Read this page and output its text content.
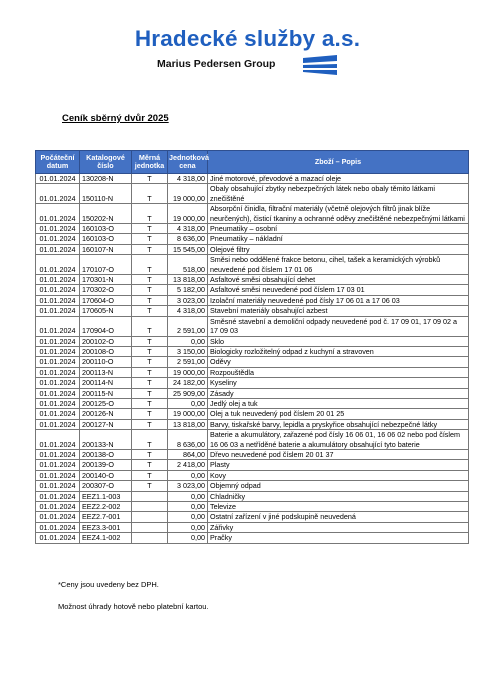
Hradecké služby a.s.
Marius Pedersen Group
Ceník sběrný dvůr 2025
Počáteční datum	Katalogové číslo	Měrná jednotka	Jednotková cena	Zboží – Popis
01.01.2024	130208-N	T	4 318,00	Jiné motorové, převodové a mazací oleje
01.01.2024	150110-N	T	19 000,00	Obaly obsahující zbytky nebezpečných látek nebo obaly těmito látkami znečištěné
01.01.2024	150202-N	T	19 000,00	Absorpční činidla, filtrační materiály (včetně olejových filtrů jinak blíže neurčených), čisticí tkaniny a ochranné oděvy znečištěné nebezpečnými látkami
01.01.2024	160103-O	T	4 318,00	Pneumatiky – osobní
01.01.2024	160103-O	T	8 636,00	Pneumatiky – nákladní
01.01.2024	160107-N	T	15 545,00	Olejové filtry
01.01.2024	170107-O	T	518,00	Směsi nebo oddělené frakce betonu, cihel, tašek a keramických výrobků neuvedené pod číslem 17 01 06
01.01.2024	170301-N	T	13 818,00	Asfaltové směsi obsahující dehet
01.01.2024	170302-O	T	5 182,00	Asfaltové směsi neuvedené pod číslem 17 03 01
01.01.2024	170604-O	T	3 023,00	Izolační materiály neuvedené pod čísly 17 06 01 a 17 06 03
01.01.2024	170605-N	T	4 318,00	Stavební materiály obsahující azbest
01.01.2024	170904-O	T	2 591,00	Směsné stavební a demoliční odpady neuvedené pod č. 17 09 01, 17 09 02 a 17 09 03
01.01.2024	200102-O	T	0,00	Sklo
01.01.2024	200108-O	T	3 150,00	Biologicky rozložitelný odpad z kuchyní a stravoven
01.01.2024	200110-O	T	2 591,00	Oděvy
01.01.2024	200113-N	T	19 000,00	Rozpouštědla
01.01.2024	200114-N	T	24 182,00	Kyseliny
01.01.2024	200115-N	T	25 909,00	Zásady
01.01.2024	200125-O	T	0,00	Jedlý olej a tuk
01.01.2024	200126-N	T	19 000,00	Olej a tuk neuvedený pod číslem 20 01 25
01.01.2024	200127-N	T	13 818,00	Barvy, tiskařské barvy, lepidla a pryskyřice obsahující nebezpečné látky
01.01.2024	200133-N	T	8 636,00	Baterie a akumulátory, zařazené pod čísly 16 06 01, 16 06 02 nebo pod číslem 16 06 03 a netříděné baterie a akumulátory obsahující tyto baterie
01.01.2024	200138-O	T	864,00	Dřevo neuvedené pod číslem 20 01 37
01.01.2024	200139-O	T	2 418,00	Plasty
01.01.2024	200140-O	T	0,00	Kovy
01.01.2024	200307-O	T	3 023,00	Objemný odpad
01.01.2024	EEZ1.1-003		0,00	Chladničky
01.01.2024	EEZ2.2-002		0,00	Televize
01.01.2024	EEZ2.7-001		0,00	Ostatní zařízení v jiné podskupině neuvedená
01.01.2024	EEZ3.3-001		0,00	Zářivky
01.01.2024	EEZ4.1-002		0,00	Pračky
*Ceny jsou uvedeny bez DPH.
Možnost úhrady hotově nebo platební kartou.
